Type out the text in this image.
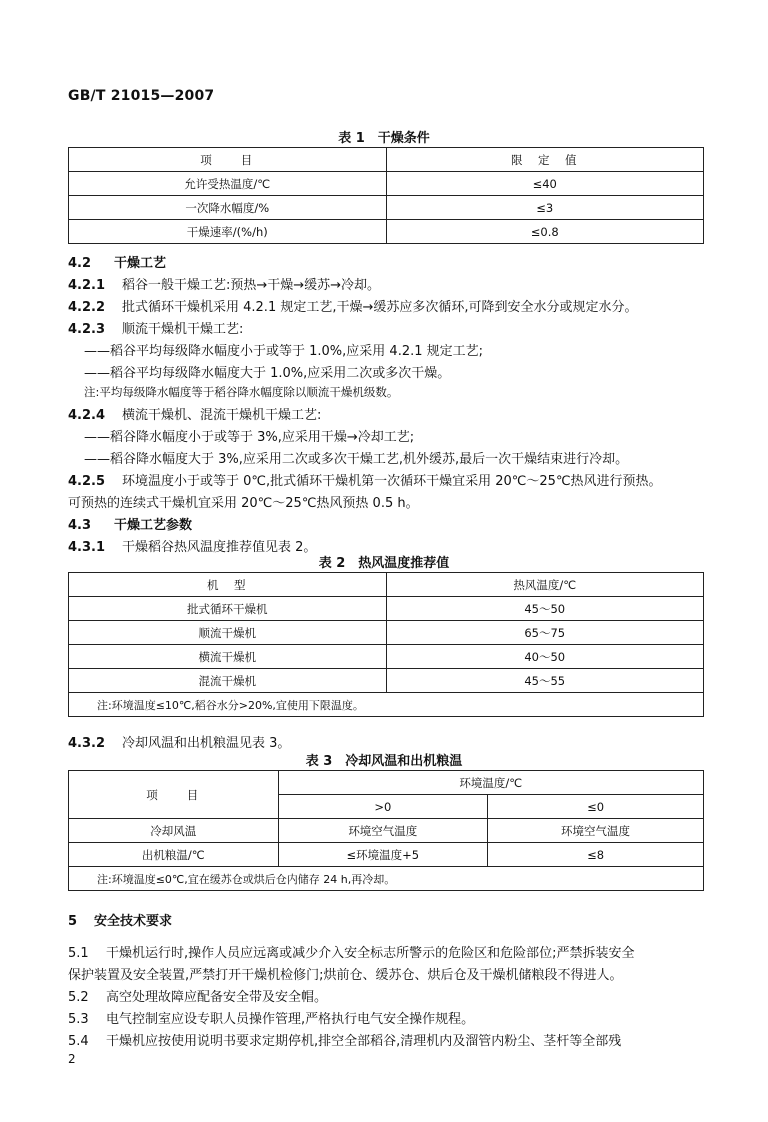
GB/T 21015—2007
表 1　干燥条件
项　　目	限　定　值
允许受热温度/℃	≤40
一次降水幅度/%	≤3
干燥速率/(%/h)	≤0.8
4.2 干燥工艺
4.2.1 稻谷一般干燥工艺:预热→干燥→缓苏→冷却。
4.2.2 批式循环干燥机采用 4.2.1 规定工艺,干燥→缓苏应多次循环,可降到安全水分或规定水分。
4.2.3 顺流干燥机干燥工艺:
——稻谷平均每级降水幅度小于或等于 1.0%,应采用 4.2.1 规定工艺;
——稻谷平均每级降水幅度大于 1.0%,应采用二次或多次干燥。
注:平均每级降水幅度等于稻谷降水幅度除以顺流干燥机级数。
4.2.4 横流干燥机、混流干燥机干燥工艺:
——稻谷降水幅度小于或等于 3%,应采用干燥→冷却工艺;
——稻谷降水幅度大于 3%,应采用二次或多次干燥工艺,机外缓苏,最后一次干燥结束进行冷却。
4.2.5 环境温度小于或等于 0℃,批式循环干燥机第一次循环干燥宜采用 20℃～25℃热风进行预热。
可预热的连续式干燥机宜采用 20℃～25℃热风预热 0.5 h。
4.3 干燥工艺参数
4.3.1 干燥稻谷热风温度推荐值见表 2。
表 2　热风温度推荐值
机　型	热风温度/℃
批式循环干燥机	45～50
顺流干燥机	65～75
横流干燥机	40～50
混流干燥机	45～55
注:环境温度≤10℃,稻谷水分>20%,宜使用下限温度。	
4.3.2 冷却风温和出机粮温见表 3。
表 3　冷却风温和出机粮温
项　　目	环境温度/℃	
	>0	≤0
冷却风温	环境空气温度	环境空气温度
出机粮温/℃	≤环境温度+5	≤8
注:环境温度≤0℃,宜在缓苏仓或烘后仓内储存 24 h,再冷却。		
5 安全技术要求
5.1 干燥机运行时,操作人员应远离或减少介入安全标志所警示的危险区和危险部位;严禁拆装安全
保护装置及安全装置,严禁打开干燥机检修门;烘前仓、缓苏仓、烘后仓及干燥机储粮段不得进人。
5.2 高空处理故障应配备安全带及安全帽。
5.3 电气控制室应设专职人员操作管理,严格执行电气安全操作规程。
5.4 干燥机应按使用说明书要求定期停机,排空全部稻谷,清理机内及溜管内粉尘、茎杆等全部残
2
